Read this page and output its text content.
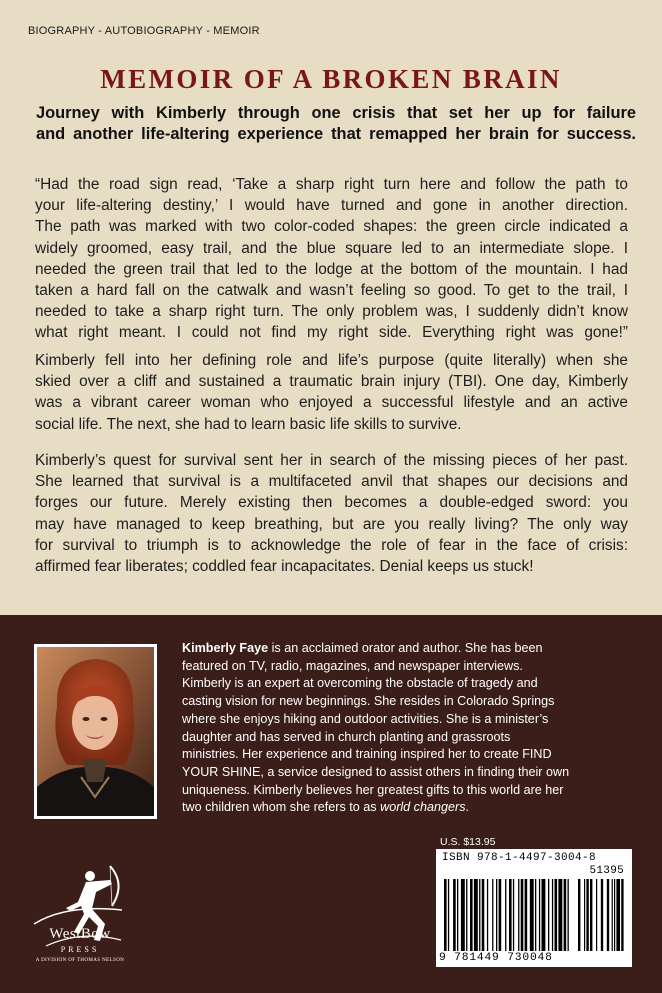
BIOGRAPHY - AUTOBIOGRAPHY - MEMOIR
MEMOIR OF A BROKEN BRAIN
Journey with Kimberly through one crisis that set her up for failure
and another life-altering experience that remapped her brain for success.
“Had the road sign read, ‘Take a sharp right turn here and follow the path to
your life-altering destiny,’ I would have turned and gone in another direction.
The path was marked with two color-coded shapes: the green circle indicated a
widely groomed, easy trail, and the blue square led to an intermediate slope. I
needed the green trail that led to the lodge at the bottom of the mountain. I had
taken a hard fall on the catwalk and wasn’t feeling so good. To get to the trail, I
needed to take a sharp right turn. The only problem was, I suddenly didn’t know
what right meant. I could not find my right side. Everything right was gone!”
Kimberly fell into her defining role and life’s purpose (quite literally) when she
skied over a cliff and sustained a traumatic brain injury (TBI). One day, Kimberly
was a vibrant career woman who enjoyed a successful lifestyle and an active
social life. The next, she had to learn basic life skills to survive.
Kimberly’s quest for survival sent her in search of the missing pieces of her past.
She learned that survival is a multifaceted anvil that shapes our decisions and
forges our future. Merely existing then becomes a double-edged sword: you
may have managed to keep breathing, but are you really living? The only way
for survival to triumph is to acknowledge the role of fear in the face of crisis:
affirmed fear liberates; coddled fear incapacitates. Denial keeps us stuck!
Kimberly Faye is an acclaimed orator and author. She has been
featured on TV, radio, magazines, and newspaper interviews.
Kimberly is an expert at overcoming the obstacle of tragedy and
casting vision for new beginnings. She resides in Colorado Springs
where she enjoys hiking and outdoor activities. She is a minister’s
daughter and has served in church planting and grassroots
ministries. Her experience and training inspired her to create FIND
YOUR SHINE, a service designed to assist others in finding their own
uniqueness. Kimberly believes her greatest gifts to this world are her
two children whom she refers to as world changers.
U.S. $13.95
ISBN 978-1-4497-3004-8
51395
9 781449 730048
WestBow
PRESS
A DIVISION OF THOMAS NELSON
